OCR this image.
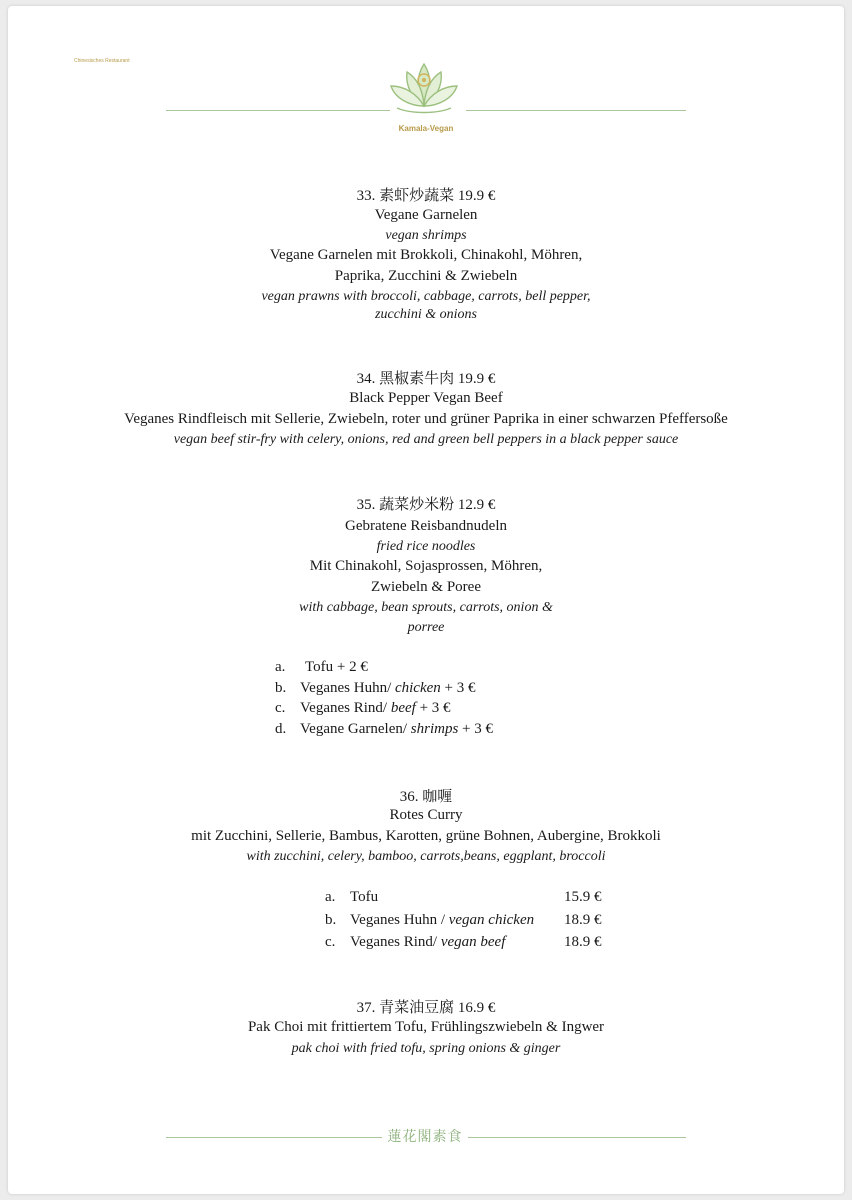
Chinesisches Restaurant
Kamala-Vegan
33. 素虾炒蔬菜 19.9 €
Vegane Garnelen
vegan shrimps
Vegane Garnelen mit Brokkoli, Chinakohl, Möhren,
Paprika, Zucchini & Zwiebeln
vegan prawns with broccoli, cabbage, carrots, bell pepper,
zucchini & onions
34. 黑椒素牛肉 19.9 €
Black Pepper Vegan Beef
Veganes Rindfleisch mit Sellerie, Zwiebeln, roter und grüner Paprika in einer schwarzen Pfeffersoße
vegan beef stir-fry with celery, onions, red and green bell peppers in a black pepper sauce
35. 蔬菜炒米粉 12.9 €
Gebratene Reisbandnudeln
fried rice noodles
Mit Chinakohl, Sojasprossen, Möhren,
Zwiebeln & Poree
with cabbage, bean sprouts, carrots, onion &
porree
a. Tofu + 2 €
b. Veganes Huhn/ chicken + 3 €
c. Veganes Rind/ beef + 3 €
d. Vegane Garnelen/ shrimps + 3 €
36. 咖喱
Rotes Curry
mit Zucchini, Sellerie, Bambus, Karotten, grüne Bohnen, Aubergine, Brokkoli
with zucchini, celery, bamboo, carrots,beans, eggplant, broccoli
a. Tofu	15.9 €
b. Veganes Huhn / vegan chicken 18.9 €
c. Veganes Rind/ vegan beef	18.9 €
37. 青菜油豆腐 16.9 €
Pak Choi mit frittiertem Tofu, Frühlingszwiebeln & Ingwer
pak choi with fried tofu, spring onions & ginger
蓮花閣素食
